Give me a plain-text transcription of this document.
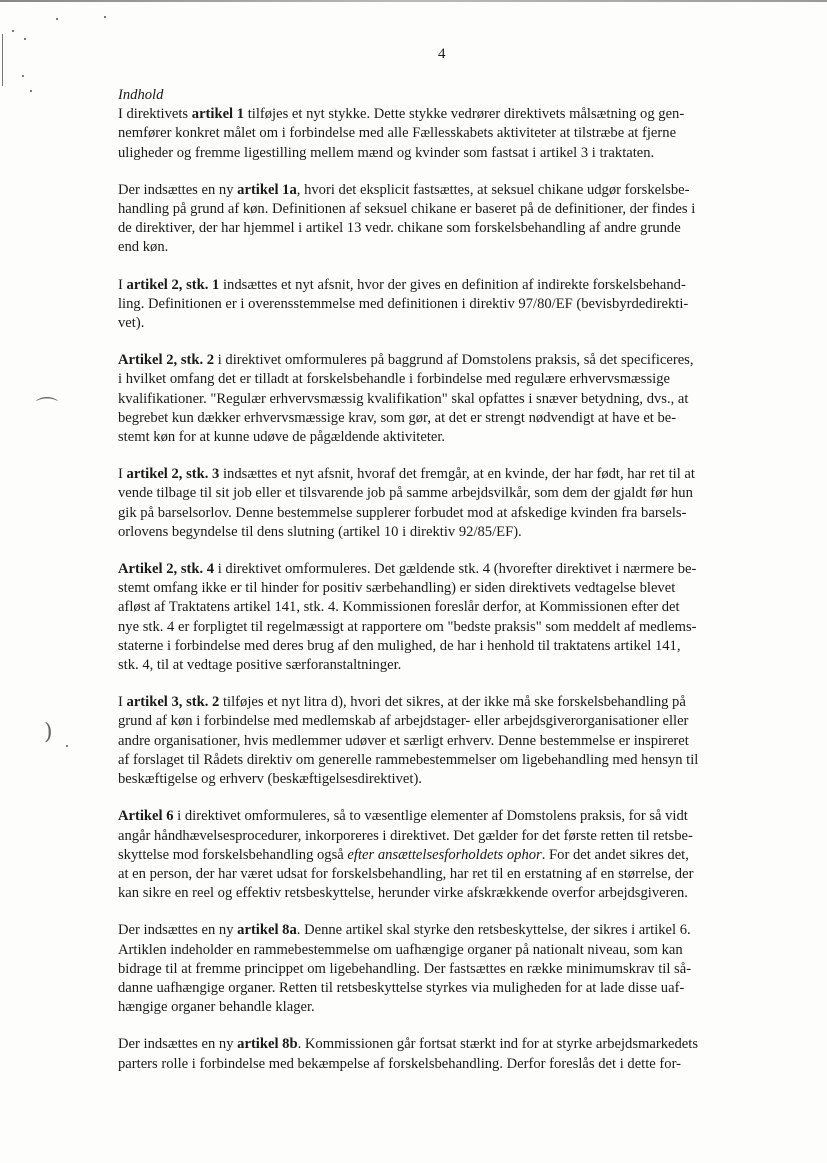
⌒
)
4

Indhold

I direktivets artikel 1 tilføjes et nyt stykke. Dette stykke vedrører direktivets målsætning og gen-
nemfører konkret målet om i forbindelse med alle Fællesskabets aktiviteter at tilstræbe at fjerne
uligheder og fremme ligestilling mellem mænd og kvinder som fastsat i artikel 3 i traktaten.

Der indsættes en ny artikel 1a, hvori det eksplicit fastsættes, at seksuel chikane udgør forskelsbe-
handling på grund af køn. Definitionen af seksuel chikane er baseret på de definitioner, der findes i
de direktiver, der har hjemmel i artikel 13 vedr. chikane som forskelsbehandling af andre grunde
end køn.

I artikel 2, stk. 1 indsættes et nyt afsnit, hvor der gives en definition af indirekte forskelsbehand-
ling. Definitionen er i overensstemmelse med definitionen i direktiv 97/80/EF (bevisbyrdedirekti-
vet).

Artikel 2, stk. 2 i direktivet omformuleres på baggrund af Domstolens praksis, så det specificeres,
i hvilket omfang det er tilladt at forskelsbehandle i forbindelse med regulære erhvervsmæssige
kvalifikationer. "Regulær erhvervsmæssig kvalifikation" skal opfattes i snæver betydning, dvs., at
begrebet kun dækker erhvervsmæssige krav, som gør, at det er strengt nødvendigt at have et be-
stemt køn for at kunne udøve de pågældende aktiviteter.

I artikel 2, stk. 3 indsættes et nyt afsnit, hvoraf det fremgår, at en kvinde, der har født, har ret til at
vende tilbage til sit job eller et tilsvarende job på samme arbejdsvilkår, som dem der gjaldt før hun
gik på barselsorlov. Denne bestemmelse supplerer forbudet mod at afskedige kvinden fra barsels-
orlovens begyndelse til dens slutning (artikel 10 i direktiv 92/85/EF).

Artikel 2, stk. 4 i direktivet omformuleres. Det gældende stk. 4 (hvorefter direktivet i nærmere be-
stemt omfang ikke er til hinder for positiv særbehandling) er siden direktivets vedtagelse blevet
afløst af Traktatens artikel 141, stk. 4. Kommissionen foreslår derfor, at Kommissionen efter det
nye stk. 4 er forpligtet til regelmæssigt at rapportere om "bedste praksis" som meddelt af medlems-
staterne i forbindelse med deres brug af den mulighed, de har i henhold til traktatens artikel 141,
stk. 4, til at vedtage positive særforanstaltninger.

I artikel 3, stk. 2 tilføjes et nyt litra d), hvori det sikres, at der ikke må ske forskelsbehandling på
grund af køn i forbindelse med medlemskab af arbejdstager- eller arbejdsgiverorganisationer eller
andre organisationer, hvis medlemmer udøver et særligt erhverv. Denne bestemmelse er inspireret
af forslaget til Rådets direktiv om generelle rammebestemmelser om ligebehandling med hensyn til
beskæftigelse og erhverv (beskæftigelsesdirektivet).

Artikel 6 i direktivet omformuleres, så to væsentlige elementer af Domstolens praksis, for så vidt
angår håndhævelsesprocedurer, inkorporeres i direktivet. Det gælder for det første retten til retsbe-
skyttelse mod forskelsbehandling også efter ansættelsesforholdets ophor. For det andet sikres det,
at en person, der har været udsat for forskelsbehandling, har ret til en erstatning af en størrelse, der
kan sikre en reel og effektiv retsbeskyttelse, herunder virke afskrækkende overfor arbejdsgiveren.

Der indsættes en ny artikel 8a. Denne artikel skal styrke den retsbeskyttelse, der sikres i artikel 6.
Artiklen indeholder en rammebestemmelse om uafhængige organer på nationalt niveau, som kan
bidrage til at fremme princippet om ligebehandling. Der fastsættes en række minimumskrav til så-
danne uafhængige organer. Retten til retsbeskyttelse styrkes via muligheden for at lade disse uaf-
hængige organer behandle klager.

Der indsættes en ny artikel 8b. Kommissionen går fortsat stærkt ind for at styrke arbejdsmarkedets
parters rolle i forbindelse med bekæmpelse af forskelsbehandling. Derfor foreslås det i dette for-
